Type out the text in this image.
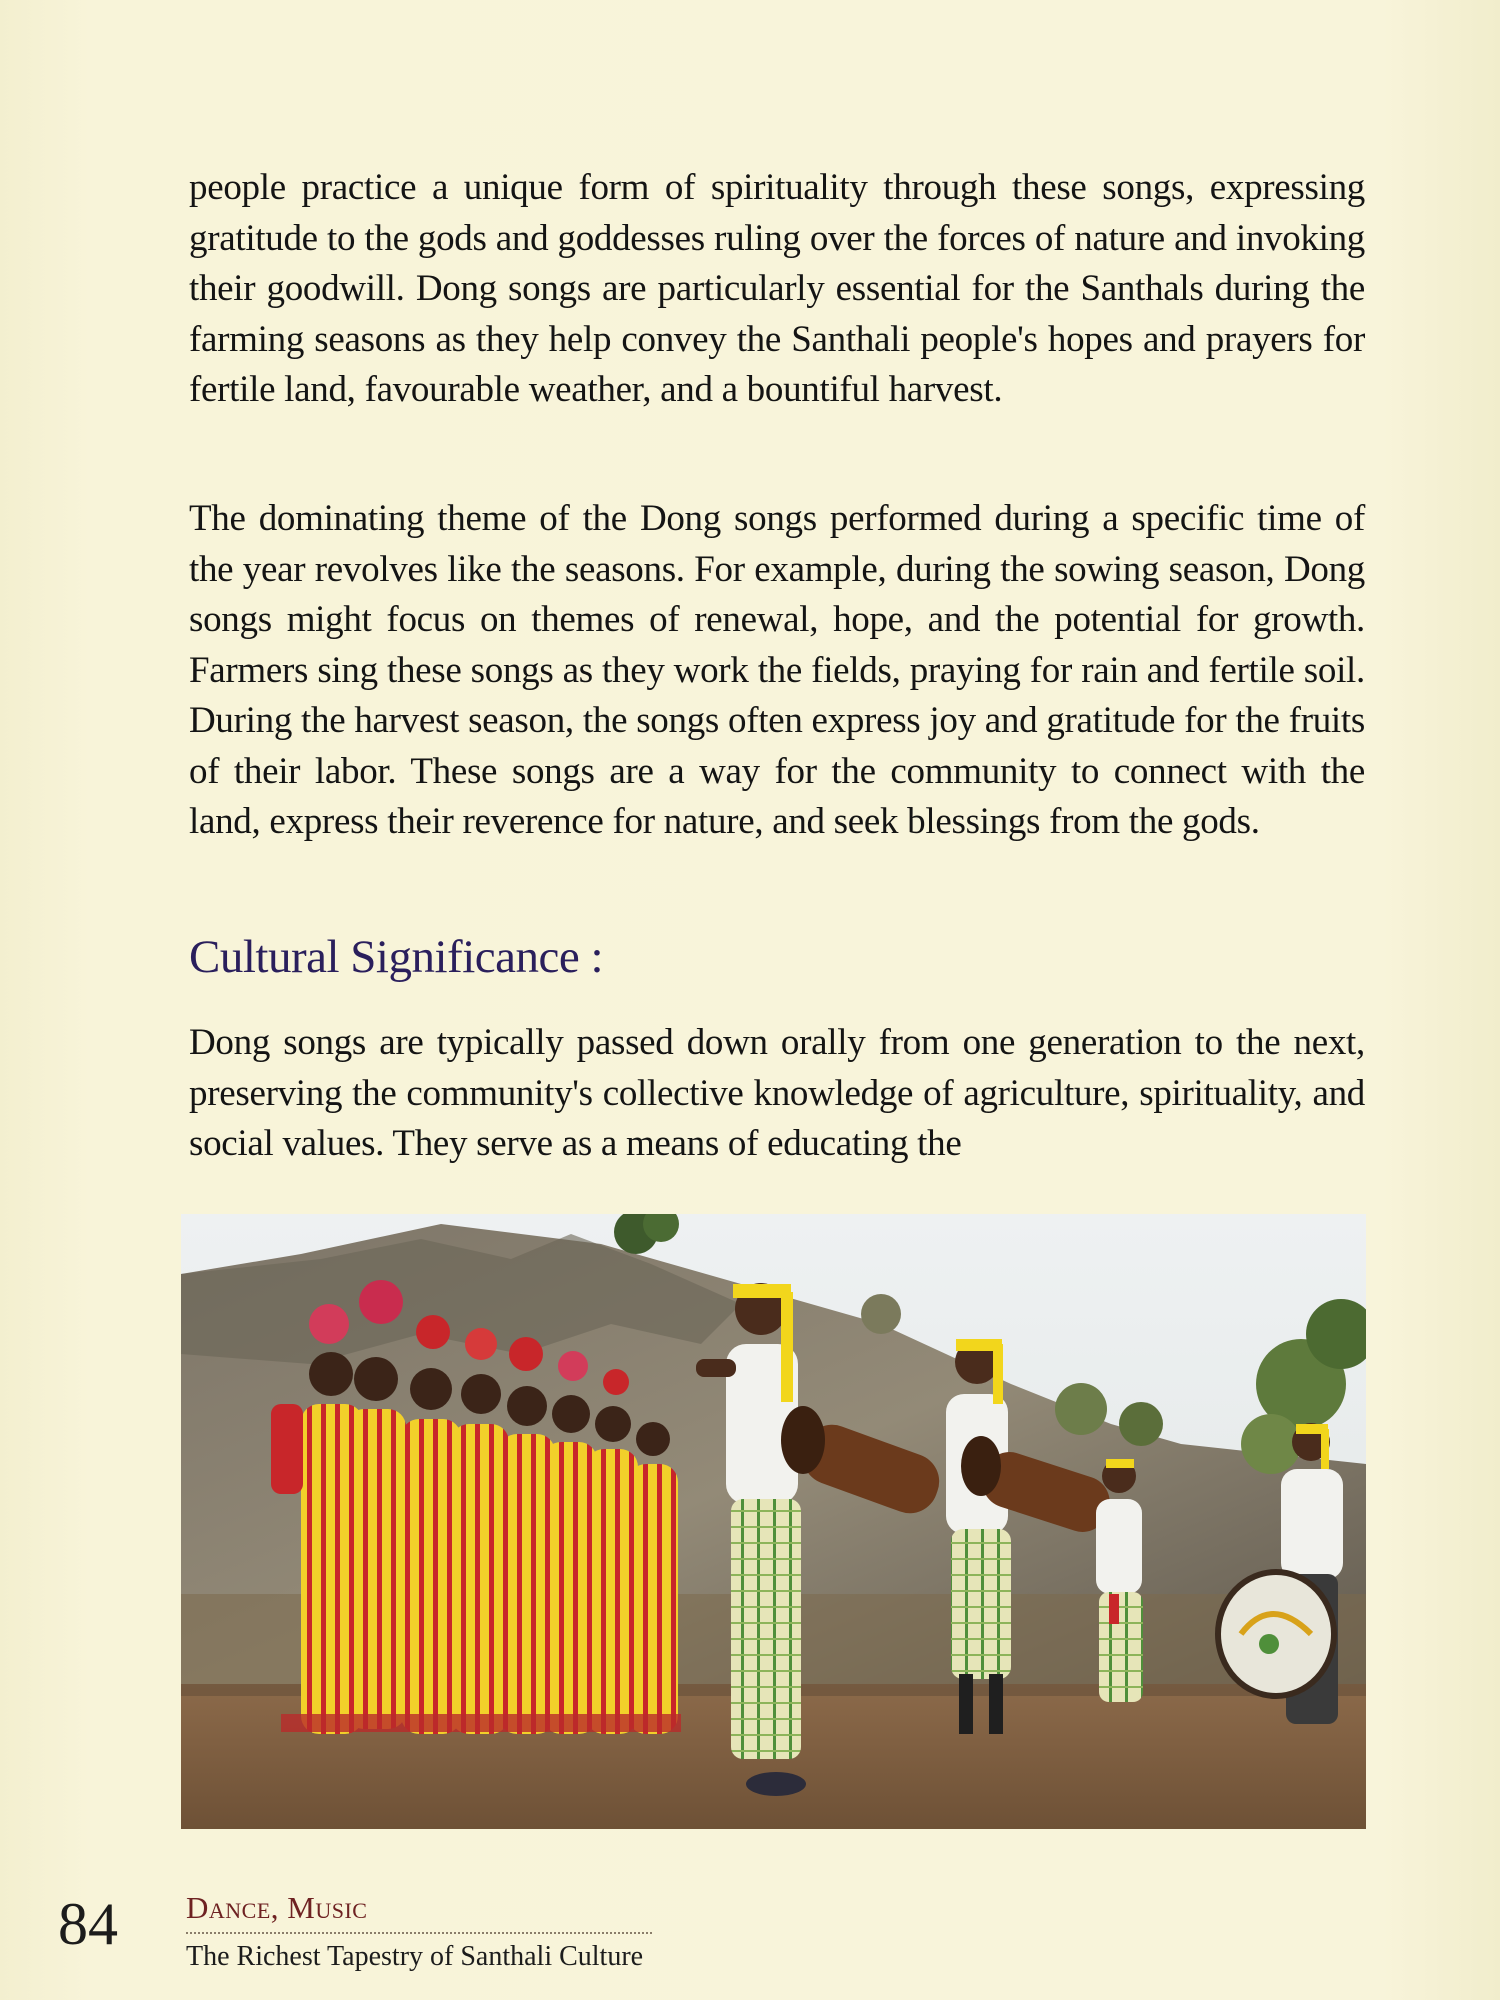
people practice a unique form of spirituality through these songs, expressing gratitude to the gods and goddesses ruling over the forces of nature and invoking their goodwill. Dong songs are particularly essential for the Santhals during the farming seasons as they help convey the Santhali people's hopes and prayers for fertile land, favourable weather, and a bountiful harvest.

The dominating theme of the Dong songs performed during a specific time of the year revolves like the seasons. For example, during the sowing season, Dong songs might focus on themes of renewal, hope, and the potential for growth. Farmers sing these songs as they work the fields, praying for rain and fertile soil. During the harvest season, the songs often express joy and gratitude for the fruits of their labor. These songs are a way for the community to connect with the land, express their reverence for nature, and seek blessings from the gods.

Cultural Significance :

Dong songs are typically passed down orally from one generation to the next, preserving the community's collective knowledge of agriculture, spirituality, and social values. They serve as a means of educating the

84 Dance, Music
The Richest Tapestry of Santhali Culture
